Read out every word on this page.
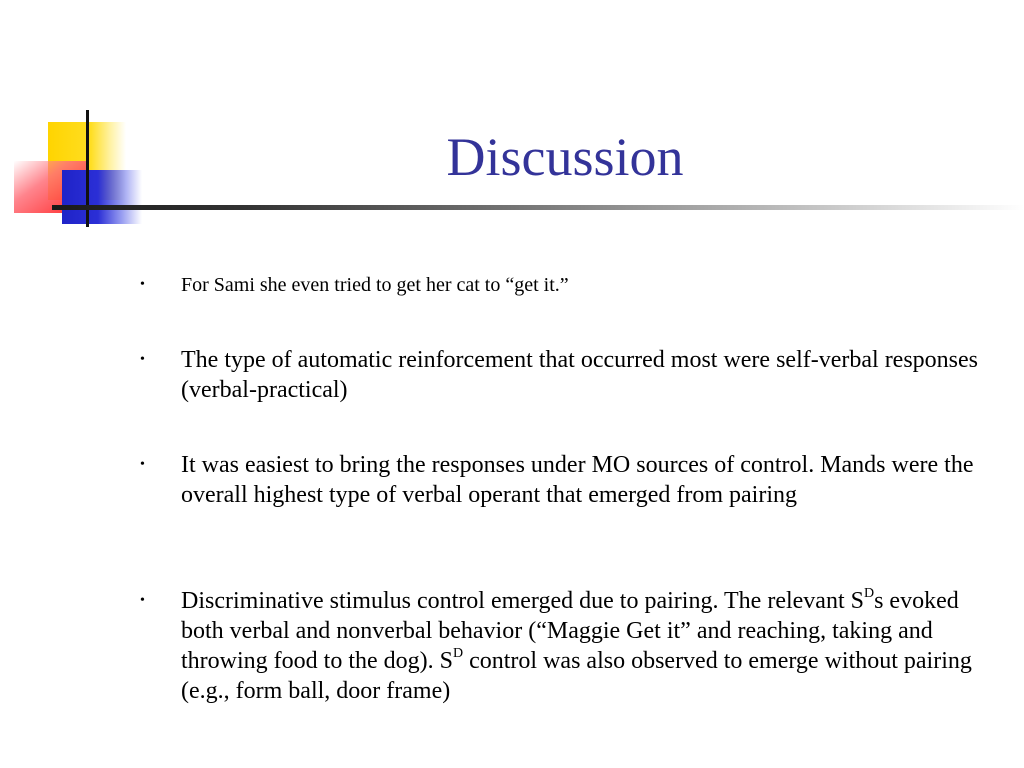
Discussion
• For Sami she even tried to get her cat to “get it.”
• The type of automatic reinforcement that occurred most were self-verbal responses (verbal-practical)
• It was easiest to bring the responses under MO sources of control. Mands were the overall highest type of verbal operant that emerged from pairing
• Discriminative stimulus control emerged due to pairing. The relevant $S^Ds$ evoked both verbal and nonverbal behavior (“Maggie Get it” and reaching, taking and throwing food to the dog). $S^D$ control was also observed to emerge without pairing (e.g., form ball, door frame)
